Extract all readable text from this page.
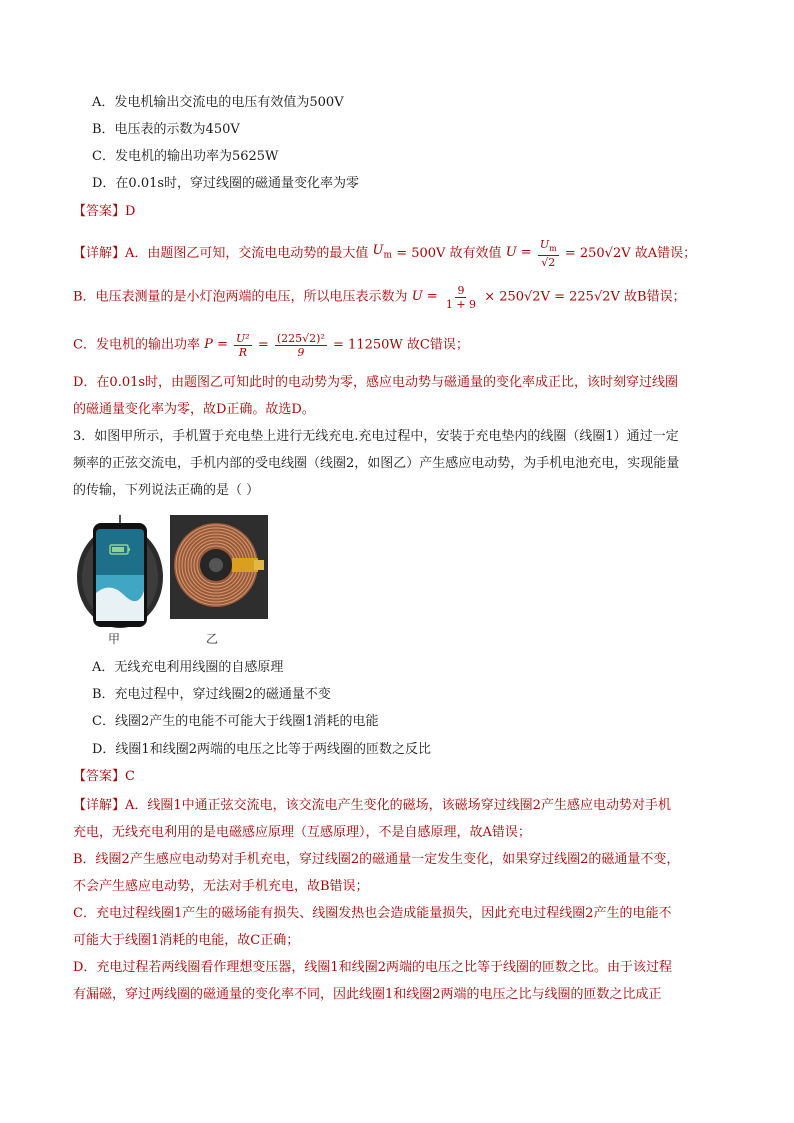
A．发电机输出交流电的电压有效值为500V
B．电压表的示数为450V
C．发电机的输出功率为5625W
D．在0.01s时，穿过线圈的磁通量变化率为零
【答案】D
【详解】A．由题图乙可知，交流电电动势的最大值 $U_m = 500V$ 故有效值 $U = \frac{U_m}{√2} = 250√2V$ 故A错误；
B．电压表测量的是小灯泡两端的电压，所以电压表示数为 $U = \frac{9}{1 + 9} \times 250√2V = 225√2V$ 故B错误；
C．发电机的输出功率 $P = \frac{\text{U²}}{R} = \frac{\text{(225√2)²}}{9} = 11250W$ 故C错误；
D．在0.01s时，由题图乙可知此时的电动势为零，感应电动势与磁通量的变化率成正比，该时刻穿过线圈
的磁通量变化率为零，故D正确。故选D。
3．如图甲所示，手机置于充电垫上进行无线充电.充电过程中，安装于充电垫内的线圈（线圈1）通过一定
频率的正弦交流电，手机内部的受电线圈（线圈2，如图乙）产生感应电动势，为手机电池充电，实现能量
的传输，下列说法正确的是（ ）
甲	乙
A．无线充电利用线圈的自感原理
B．充电过程中，穿过线圈2的磁通量不变
C．线圈2产生的电能不可能大于线圈1消耗的电能
D．线圈1和线圈2两端的电压之比等于两线圈的匝数之反比
【答案】C
【详解】A．线圈1中通正弦交流电，该交流电产生变化的磁场，该磁场穿过线圈2产生感应电动势对手机
充电，无线充电利用的是电磁感应原理（互感原理），不是自感原理，故A错误；
B．线圈2产生感应电动势对手机充电，穿过线圈2的磁通量一定发生变化，如果穿过线圈2的磁通量不变，
不会产生感应电动势，无法对手机充电，故B错误；
C．充电过程线圈1产生的磁场能有损失、线圈发热也会造成能量损失，因此充电过程线圈2产生的电能不
可能大于线圈1消耗的电能，故C正确；
D．充电过程若两线圈看作理想变压器，线圈1和线圈2两端的电压之比等于线圈的匝数之比。由于该过程
有漏磁，穿过两线圈的磁通量的变化率不同，因此线圈1和线圈2两端的电压之比与线圈的匝数之比成正
